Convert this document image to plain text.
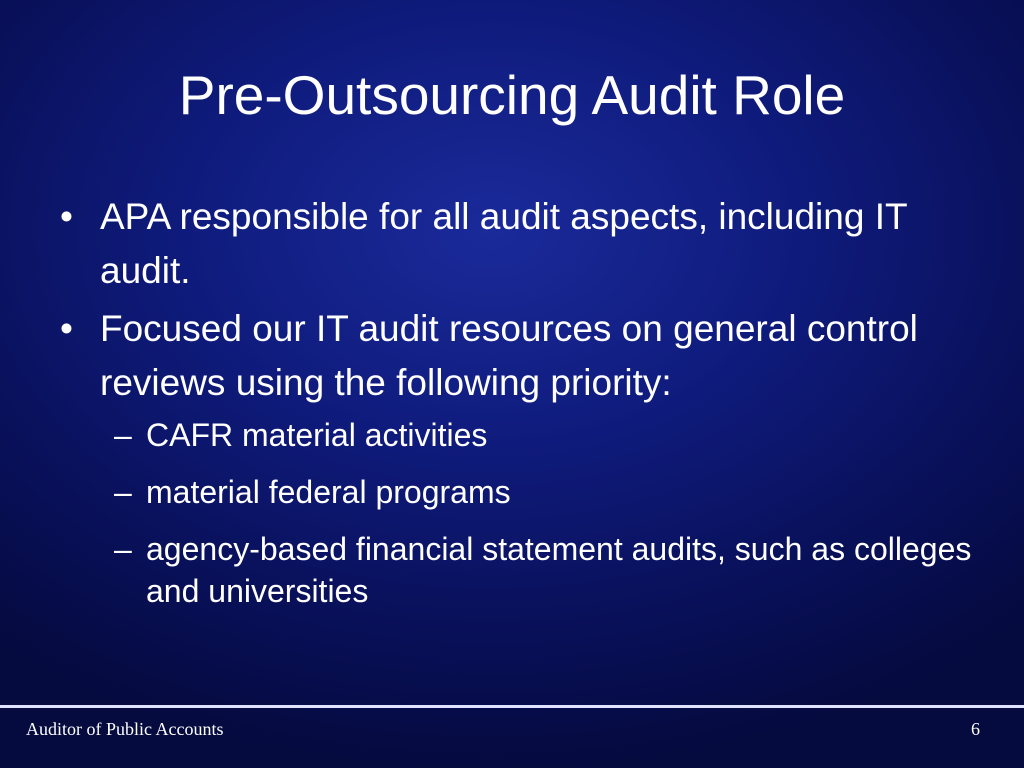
Pre-Outsourcing Audit Role
• APA responsible for all audit aspects, including IT audit.
• Focused our IT audit resources on general control reviews using the following priority:
– CAFR material activities
– material federal programs
– agency-based financial statement audits, such as colleges and universities
Auditor of Public Accounts	6
